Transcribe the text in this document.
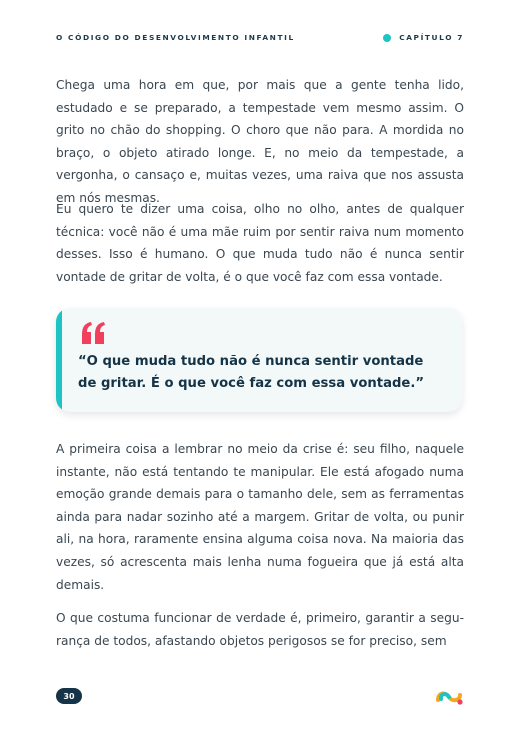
O CÓDIGO DO DESENVOLVIMENTO INFANTIL	CAPÍTULO 7

Chega uma hora em que, por mais que a gente tenha lido, estudado e se preparado, a tempestade vem mesmo assim. O grito no chão do shopping. O choro que não para. A mordida no braço, o objeto atirado longe. E, no meio da tempestade, a vergonha, o cansaço e, muitas vezes, uma raiva que nos assusta em nós mesmas.

Eu quero te dizer uma coisa, olho no olho, antes de qualquer técnica: você não é uma mãe ruim por sentir raiva num momento desses. Isso é humano. O que muda tudo não é nunca sentir vontade de gritar de volta, é o que você faz com essa vontade.

“O que muda tudo não é nunca sentir vontade de gritar. É o que você faz com essa vontade.”

A primeira coisa a lembrar no meio da crise é: seu filho, naquele instante, não está tentando te manipular. Ele está afogado numa emoção grande demais para o tamanho dele, sem as ferramentas ainda para nadar sozinho até a margem. Gritar de volta, ou punir ali, na hora, raramente ensina alguma coisa nova. Na maioria das vezes, só acrescenta mais lenha numa fogueira que já está alta demais.

O que costuma funcionar de verdade é, primeiro, garantir a segurança de todos, afastando objetos perigosos se for preciso, sem

30
